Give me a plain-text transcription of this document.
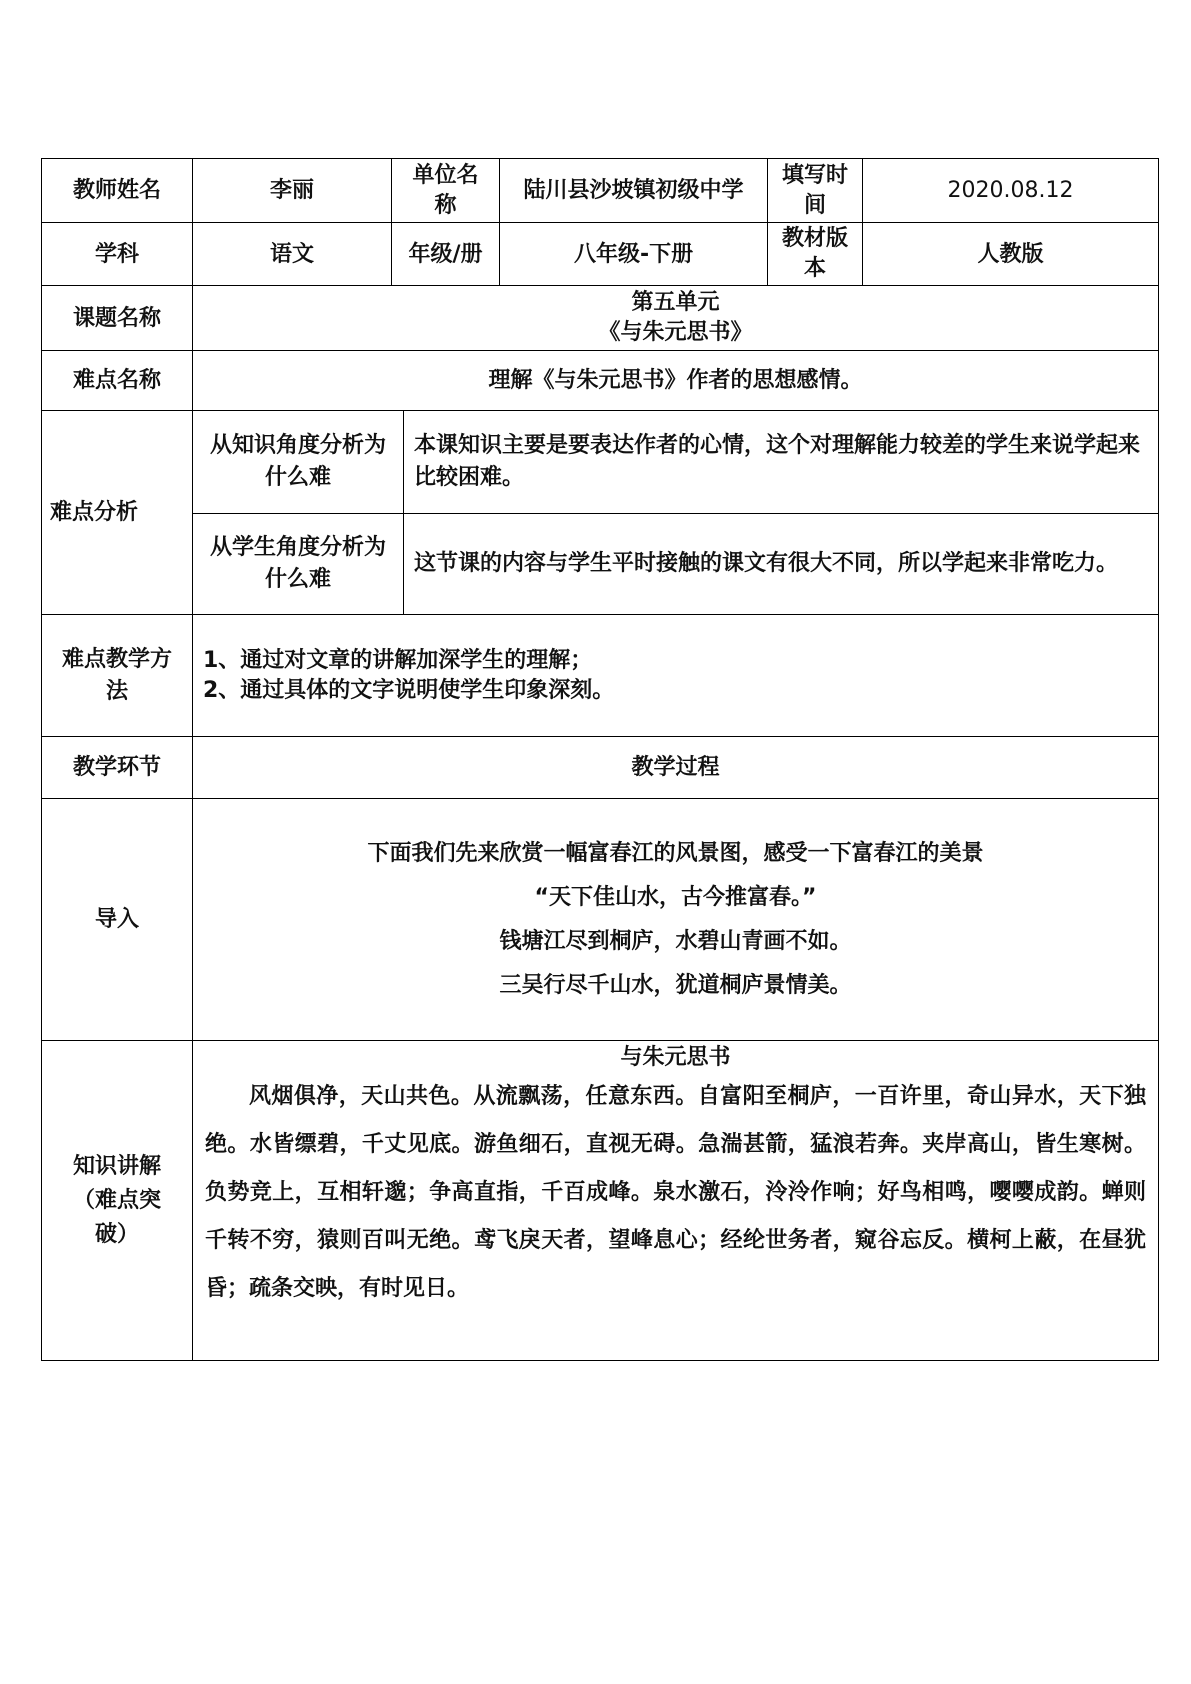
教师姓名	李丽	单位名称		陆川县沙坡镇初级中学	填写时间	2020.08.12
学科	语文	年级/册		八年级-下册	教材版本	人教版
课题名称	第五单元
《与朱元思书》					

难点名称	理解《与朱元思书》作者的思想感情。					
难点分析	从知识角度分析为什么难		本课知识主要是要表达作者的心情，这个对理解能力较差的学生来说学起来比较困难。			
	从学生角度分析为什么难		这节课的内容与学生平时接触的课文有很大不同，所以学起来非常吃力。			
难点教学方法	1、通过对文章的讲解加深学生的理解；
2、通过具体的文字说明使学生印象深刻。					

教学环节	教学过程					
导入	下面我们先来欣赏一幅富春江的风景图，感受一下富春江的美景
“天下佳山水，古今推富春。”
钱塘江尽到桐庐，水碧山青画不如。
三吴行尽千山水，犹道桐庐景情美。					

知识讲解（难点突破）	与朱元思书
风烟俱净，天山共色。从流飘荡，任意东西。自富阳至桐庐，一百许里，奇山异水，天下独绝。水皆缥碧，千丈见底。游鱼细石，直视无碍。急湍甚箭，猛浪若奔。夹岸高山，皆生寒树。负势竞上，互相轩邈；争高直指，千百成峰。泉水激石，泠泠作响；好鸟相鸣，嘤嘤成韵。蝉则千转不穷，猿则百叫无绝。鸢飞戾天者，望峰息心；经纶世务者，窥谷忘反。横柯上蔽，在昼犹昏；疏条交映，有时见日。					
